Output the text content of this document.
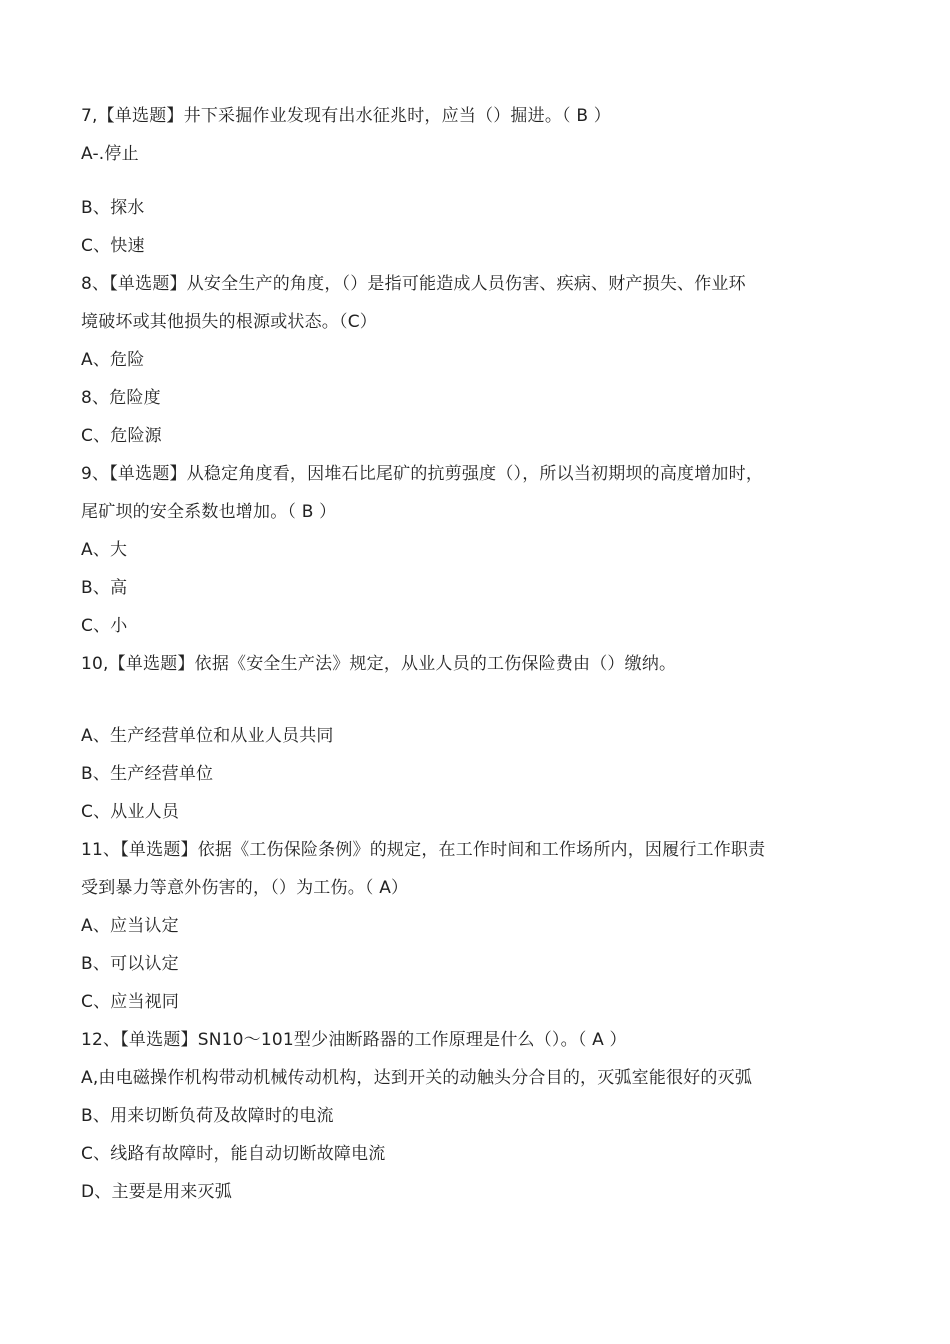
7,【单选题】井下采掘作业发现有出水征兆时，应当（）掘进。（ B ）
A-.停止
B、探水
C、快速
8、【单选题】从安全生产的角度，（）是指可能造成人员伤害、疾病、财产损失、作业环
境破坏或其他损失的根源或状态。（C）
A、危险
8、危险度
C、危险源
9、【单选题】从稳定角度看，因堆石比尾矿的抗剪强度（），所以当初期坝的高度增加时，
尾矿坝的安全系数也增加。（ B ）
A、大
B、高
C、小
10,【单选题】依据《安全生产法》规定，从业人员的工伤保险费由（）缴纳。
A、生产经营单位和从业人员共同
B、生产经营单位
C、从业人员
11、【单选题】依据《工伤保险条例》的规定，在工作时间和工作场所内，因履行工作职责
受到暴力等意外伤害的，（）为工伤。（ A）
A、应当认定
B、可以认定
C、应当视同
12、【单选题】SN10〜101型少油断路器的工作原理是什么（）。（ A ）
A,由电磁操作机构带动机械传动机构，达到开关的动触头分合目的，灭弧室能很好的灭弧
B、用来切断负荷及故障时的电流
C、线路有故障时，能自动切断故障电流
D、主要是用来灭弧
